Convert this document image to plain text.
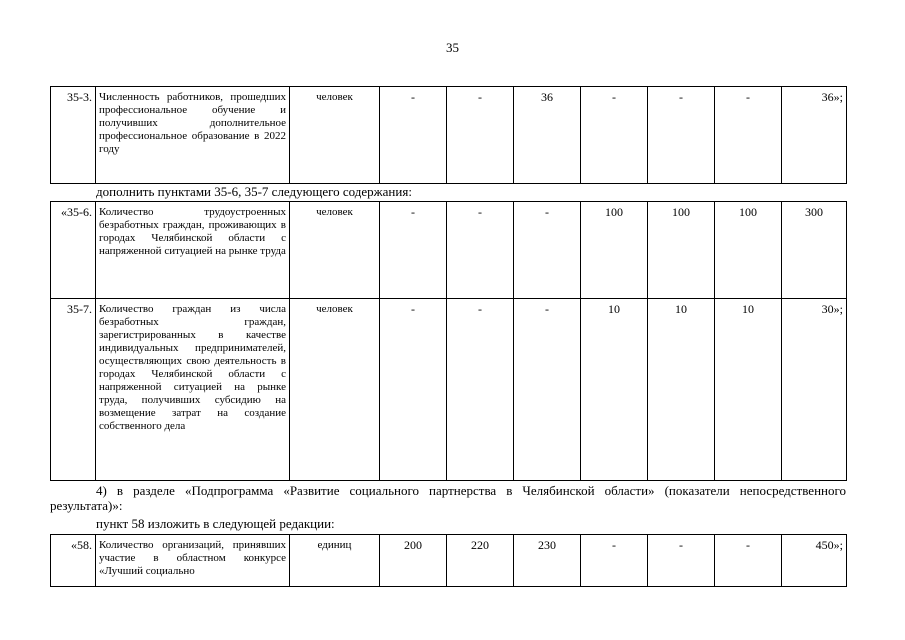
35
35-3.	Численность работников, прошедших профессиональное обучение и получивших дополнительное профессиональное образование в 2022 году	человек	-	-	36	-	-	-	36»;
дополнить пунктами 35-6, 35-7 следующего содержания:
«35-6.	Количество трудоустроенных безработных граждан, проживающих в городах Челябинской области с напряженной ситуацией на рынке труда	человек	-	-	-	100	100	100	300
35-7.	Количество граждан из числа безработных граждан, зарегистрированных в качестве индивидуальных предпринимателей, осуществляющих свою деятельность в городах Челябинской области с напряженной ситуацией на рынке труда, получивших субсидию на возмещение затрат на создание собственного дела	человек	-	-	-	10	10	10	30»;
4) в разделе «Подпрограмма «Развитие социального партнерства в Челябинской области» (показатели непосредственного результата)»:
пункт 58 изложить в следующей редакции:
«58.	Количество организаций, принявших участие в областном конкурсе «Лучший социально	единиц	200	220	230	-	-	-	450»;
